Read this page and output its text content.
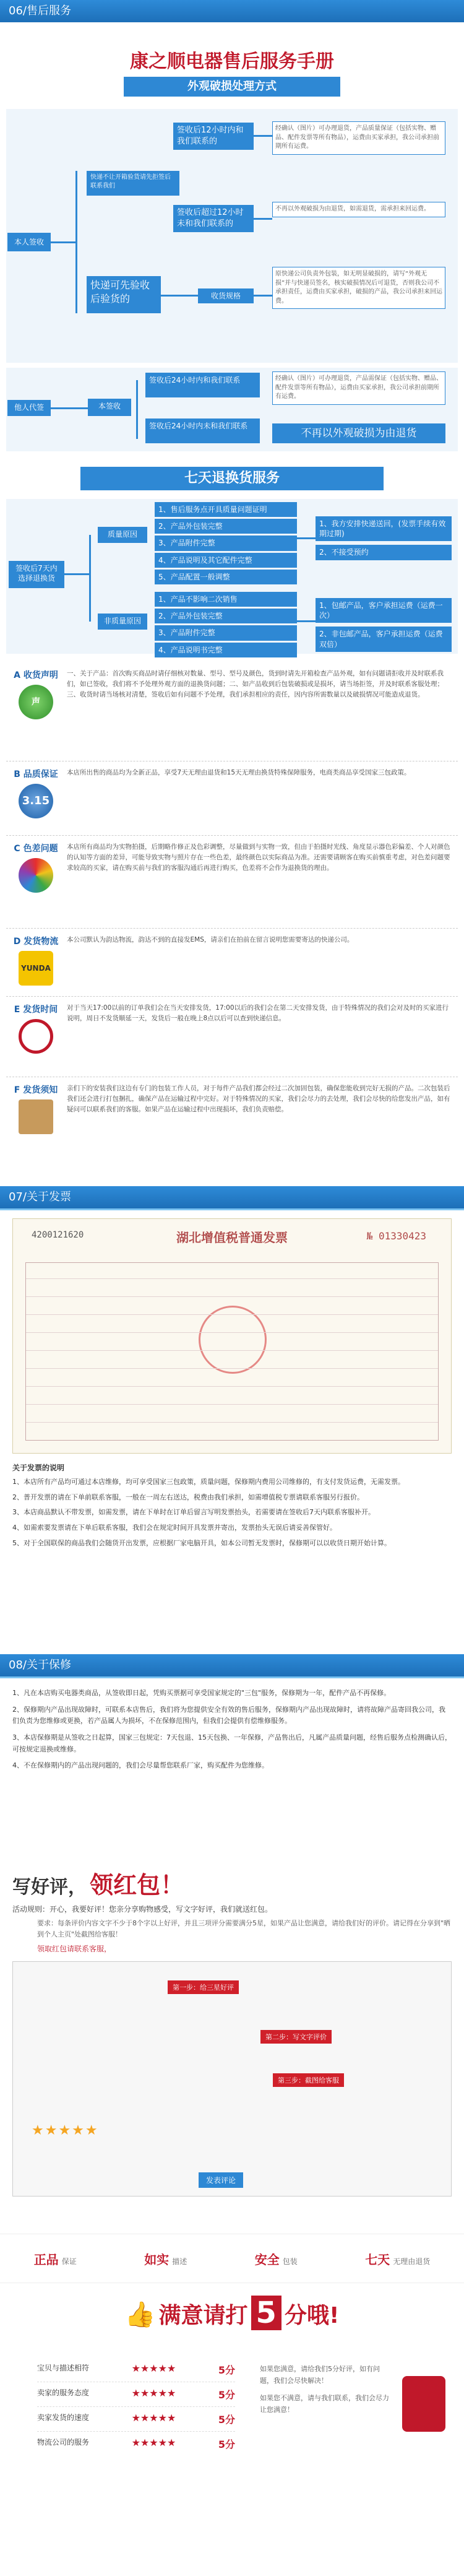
06/售后服务
康之顺电器售后服务手册
外观破损处理方式
本人签收
快递不让开箱验货请先拒签后联系我们
签收后12小时内和我们联系的
签收后超过12小时未和我们联系的
经确认（图片）可办理退货，产品质量保证（包括实物、赠品、配件发票等所有物品），运费由买家承担，我公司承担前期所有运费。
不再以外观破损为由退货，如需退货，需承担来回运费。
快递可先验收后验货的	收货规格
原快递公司负责外包装，如无明显破损的，请写“外观无损”并与快递员签名，核实破损情况后可退货，否则我公司不承担责任，运费由买家承担，破损的产品，我公司承担来回运费。
他人代签	本签收
签收后24小时内和我们联系
签收后24小时内未和我们联系
经确认（图片）可办理退货，产品需保证（包括实物、赠品、配件发票等所有物品），运费由买家承担，我公司承担前期所有运费。
不再以外观破损为由退货
七天退换货服务
签收后7天内选择退换货
质量原因
非质量原因
1、售后服务点开具质量问题证明
2、产品外包装完整
3、产品附件完整
4、产品说明及其它配件完整
5、产品配置一般调整
1、产品不影响二次销售
2、产品外包装完整
3、产品附件完整
4、产品说明书完整
1、我方安排快递送回，(发票手续有效期过期)
2、不接受预约
1、包邮产品，客户承担运费（运费一次）
2、非包邮产品，客户承担运费（运费双倍）
A 收货声明
声
一、关于产品：首次购买商品时请仔细核对数量、型号、型号及颜色，货到时请先开箱检查产品外观，如有问题请拒收并及时联系我们，如已签收，我们将不予处理外观方面的退换货问题；二、如产品收到后包装破损或是损坏，请当场拒签，并及时联系客服处理；三、收货时请当场核对清楚，签收后如有问题不予处理，我们承担相应的责任，因内容所需数量以及破损情况可能造成退货。
B 品质保证
3.15
本店所出售的商品均为全新正品，享受7天无理由退货和15天无理由换货特殊保障服务，电商类商品享受国家三包政策。
C 色差问题	本店所有商品均为实物拍摄，后期略作修正及色彩调整，尽量做到与实物一致，但由于拍摄时光线、角度显示器色彩偏差、个人对颜色的认知等方面的差异，可能导致实物与照片存在一些色差，最终颜色以实际商品为准。还需要请顾客在购买前慎重考虑，对色差问题要求较高的买家，请在购买前与我们的客服沟通后再进行购买，色差将不会作为退换货的理由。
D 发货物流
YUNDA
本公司默认为韵达物流，韵达不到的直接发EMS，请亲们在拍前在留言说明您需要寄达的快递公司。
E 发货时间	对于当天17:00以前的订单我们会在当天安排发货，17:00以后的我们会在第二天安排发货，由于特殊情况的我们会对及时的买家进行说明，周日不发货顺延一天，发货后一般在晚上8点以后可以查到快递信息。
F 发货须知	亲们下的安装我们这边有专门的包装工作人员，对于每件产品我们都会经过二次加固包装，确保您能收到完好无损的产品。二次包装后我们还会进行打包捆扎，确保产品在运输过程中完好。对于特殊情况的买家，我们会尽力的去处理，我们会尽快的给您发出产品，如有疑问可以联系我们的客服。如果产品在运输过程中出现损坏，我们负责赔偿。
07/关于发票
湖北增值税普通发票
4200121620	№ 01330423
关于发票的说明

1、本店所有产品均可通过本店维修，均可享受国家三包政策，质量问题，保修期内费用公司维修的，有支付发货运费，无需发票。

2、普开发票的请在下单前联系客服，一般在一周左右送达，税费由我们承担，如需增值税专票请联系客服另行报价。

3、本店商品默认不带发票，如需发票，请在下单时在订单后留言写明发票抬头，若需要请在签收后7天内联系客服补开。

4、如需索要发票请在下单后联系客服，我们会在规定时间开具发票并寄出，发票抬头无误后请妥善保管好。

5、对于全国联保的商品我们会随货开出发票，应根据厂家电脑开具，如本公司暂无发票时，保修期可以以收货日期开始计算。

08/关于保修

1、凡在本店购买电器类商品，从签收即日起，凭购买票据可享受国家规定的"三包"服务，保修期为一年，配件产品不再保修。

2、保修期内产品出现故障时，可联系本店售后，我们将为您提供安全有效的售后服务，保修期内产品出现故障时，请将故障产品寄回我公司，我们负责为您维修或更换，若产品属人为损坏，不在保修范围内，但我们会提供有偿维修服务。

3、本店保修期是从签收之日起算，国家三包规定：7天包退、15天包换、一年保修，产品售出后，凡属产品质量问题，经售后服务点检测确认后，可按规定退换或维修。

4、不在保修期内的产品出现问题的，我们会尽量帮您联系厂家，购买配件为您维修。

写好评， 领红包！
活动规则：开心，我要好评！您亲分享购物感受，写文字好评，我们就送红包。
要求：每条评价内容文字不少于8个字以上好评，并且三项评分需要满分5星，如果产品让您满意，请给我们好的评价。请记得在分享到"晒到个人主页"处截图给客服！
领取红包请联系客服，
第一步：给三星好评
第二步：写文字评价
第三步：截图给客服
★★★★★
发表评论
正品 保证	如实 描述	安全 包装	七天 无理由退货
👍 满意请打 5 分哦!
宝贝与描述相符	★★★★★	5分
卖家的服务态度	★★★★★	5分
卖家发货的速度	★★★★★	5分
物流公司的服务	★★★★★	5分

如果您满意，请给我们5分好评，如有问题，我们会尽快解决！

如果您不满意，请与我们联系，我们会尽力让您满意！
